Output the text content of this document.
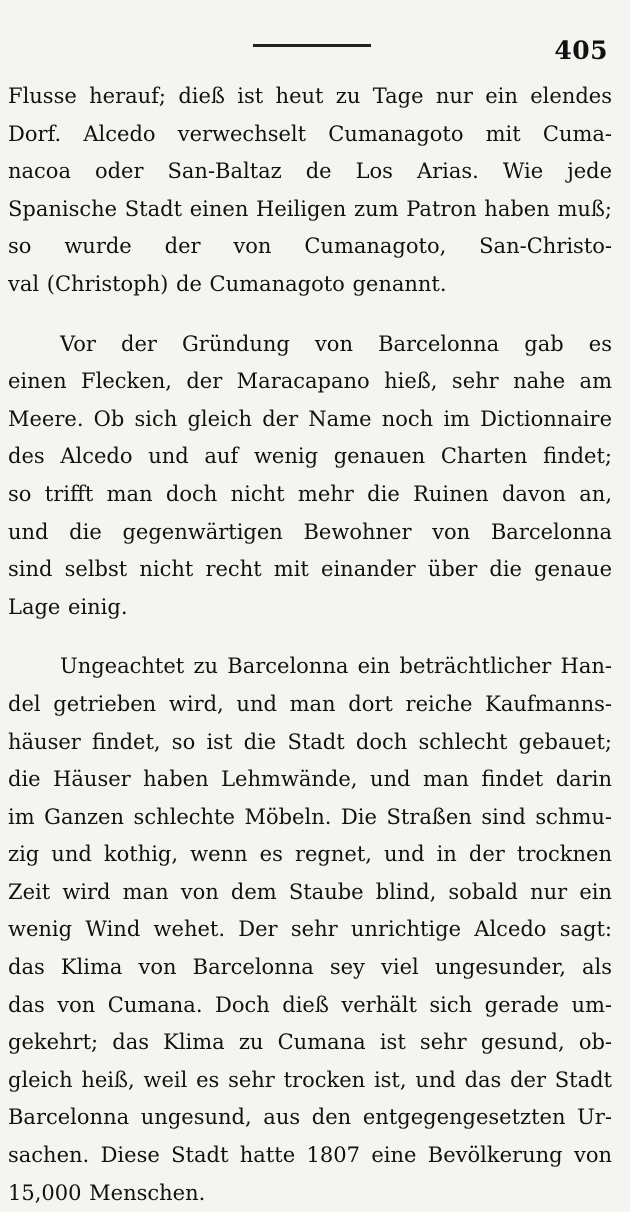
405
Flusse herauf; dieß ist heut zu Tage nur ein elendes
Dorf. Alcedo verwechselt Cumanagoto mit Cuma-
nacoa oder San-Baltaz de Los Arias. Wie jede
Spanische Stadt einen Heiligen zum Patron haben muß;
so wurde der von Cumanagoto, San-Christo-
val (Christoph) de Cumanagoto genannt.
Vor der Gründung von Barcelonna gab es
einen Flecken, der Maracapano hieß, sehr nahe am
Meere. Ob sich gleich der Name noch im Dictionnaire
des Alcedo und auf wenig genauen Charten findet;
so trifft man doch nicht mehr die Ruinen davon an,
und die gegenwärtigen Bewohner von Barcelonna
sind selbst nicht recht mit einander über die genaue
Lage einig.
Ungeachtet zu Barcelonna ein beträchtlicher Han-
del getrieben wird, und man dort reiche Kaufmanns-
häuser findet, so ist die Stadt doch schlecht gebauet;
die Häuser haben Lehmwände, und man findet darin
im Ganzen schlechte Möbeln. Die Straßen sind schmu-
zig und kothig, wenn es regnet, und in der trocknen
Zeit wird man von dem Staube blind, sobald nur ein
wenig Wind wehet. Der sehr unrichtige Alcedo sagt:
das Klima von Barcelonna sey viel ungesunder, als
das von Cumana. Doch dieß verhält sich gerade um-
gekehrt; das Klima zu Cumana ist sehr gesund, ob-
gleich heiß, weil es sehr trocken ist, und das der Stadt
Barcelonna ungesund, aus den entgegengesetzten Ur-
sachen. Diese Stadt hatte 1807 eine Bevölkerung von
15,000 Menschen.
